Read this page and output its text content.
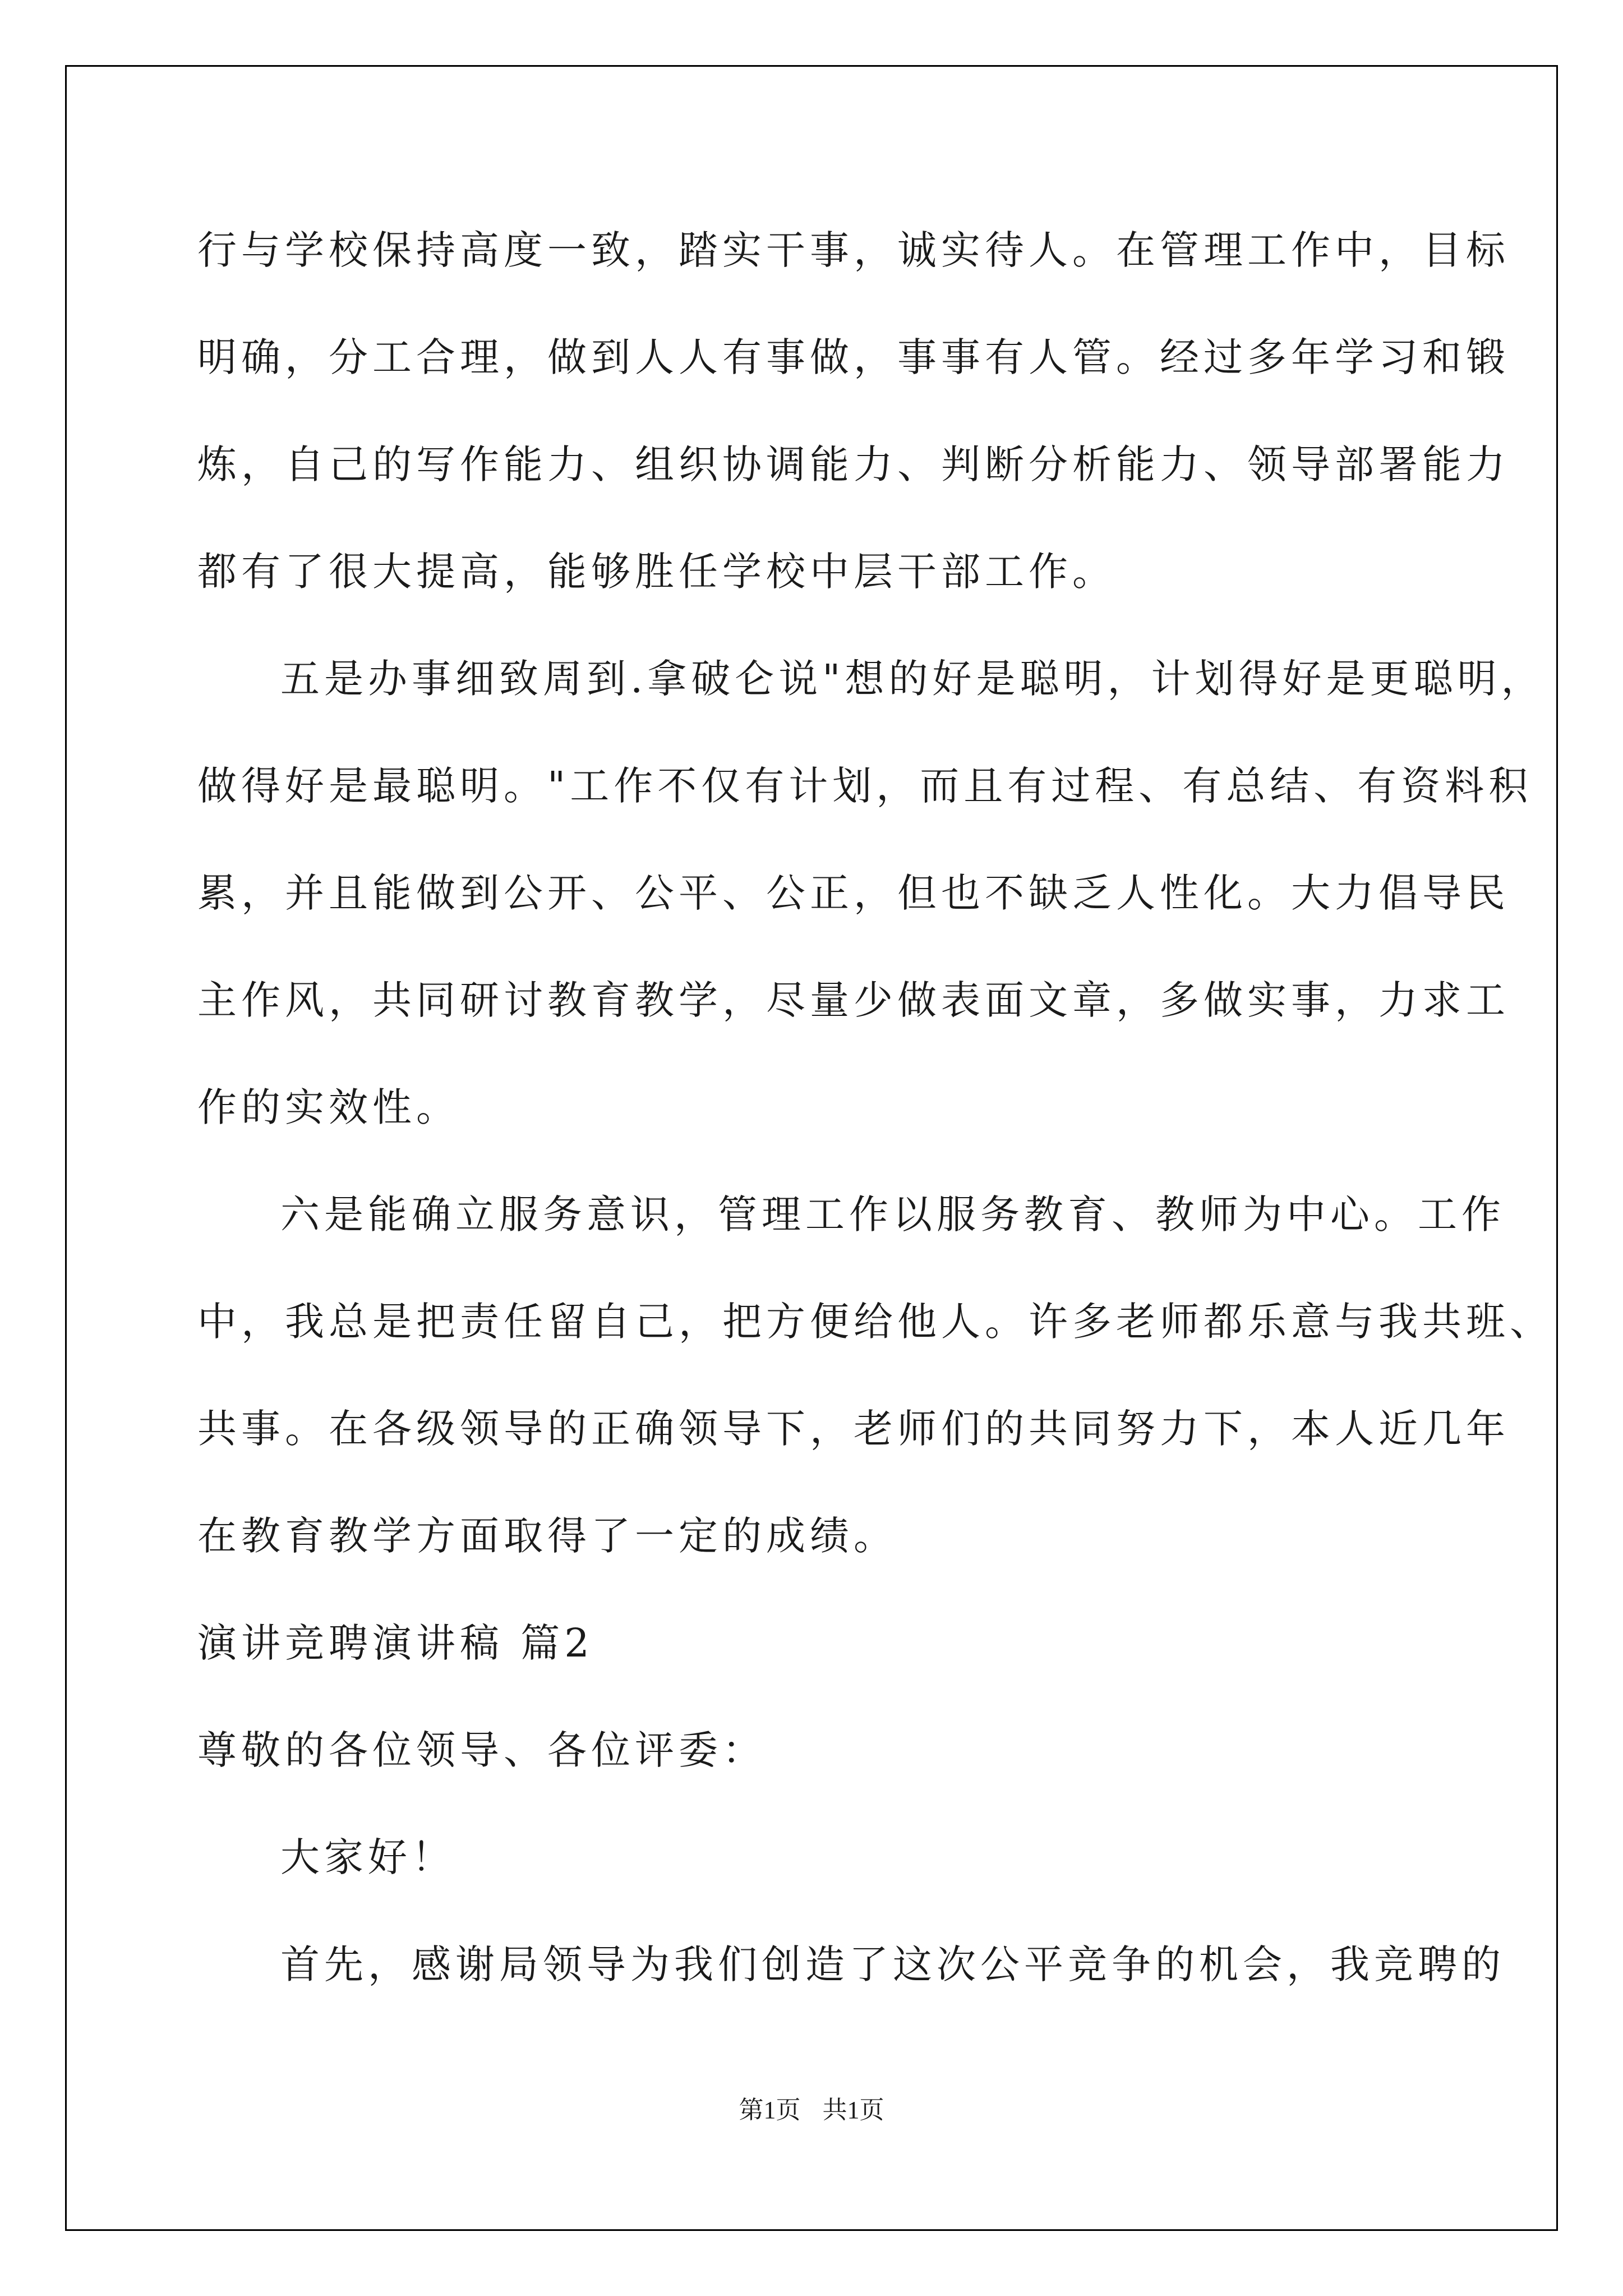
行与学校保持高度一致，踏实干事，诚实待人。在管理工作中，目标
明确，分工合理，做到人人有事做，事事有人管。经过多年学习和锻
炼，自己的写作能力、组织协调能力、判断分析能力、领导部署能力
都有了很大提高，能够胜任学校中层干部工作。
五是办事细致周到.拿破仑说"想的好是聪明，计划得好是更聪明，
做得好是最聪明。"工作不仅有计划，而且有过程、有总结、有资料积
累，并且能做到公开、公平、公正，但也不缺乏人性化。大力倡导民
主作风，共同研讨教育教学，尽量少做表面文章，多做实事，力求工
作的实效性。
六是能确立服务意识，管理工作以服务教育、教师为中心。工作
中，我总是把责任留自己，把方便给他人。许多老师都乐意与我共班、
共事。在各级领导的正确领导下，老师们的共同努力下，本人近几年
在教育教学方面取得了一定的成绩。
演讲竞聘演讲稿 篇2
尊敬的各位领导、各位评委：
大家好！
首先，感谢局领导为我们创造了这次公平竞争的机会，我竞聘的
第1页 共1页
